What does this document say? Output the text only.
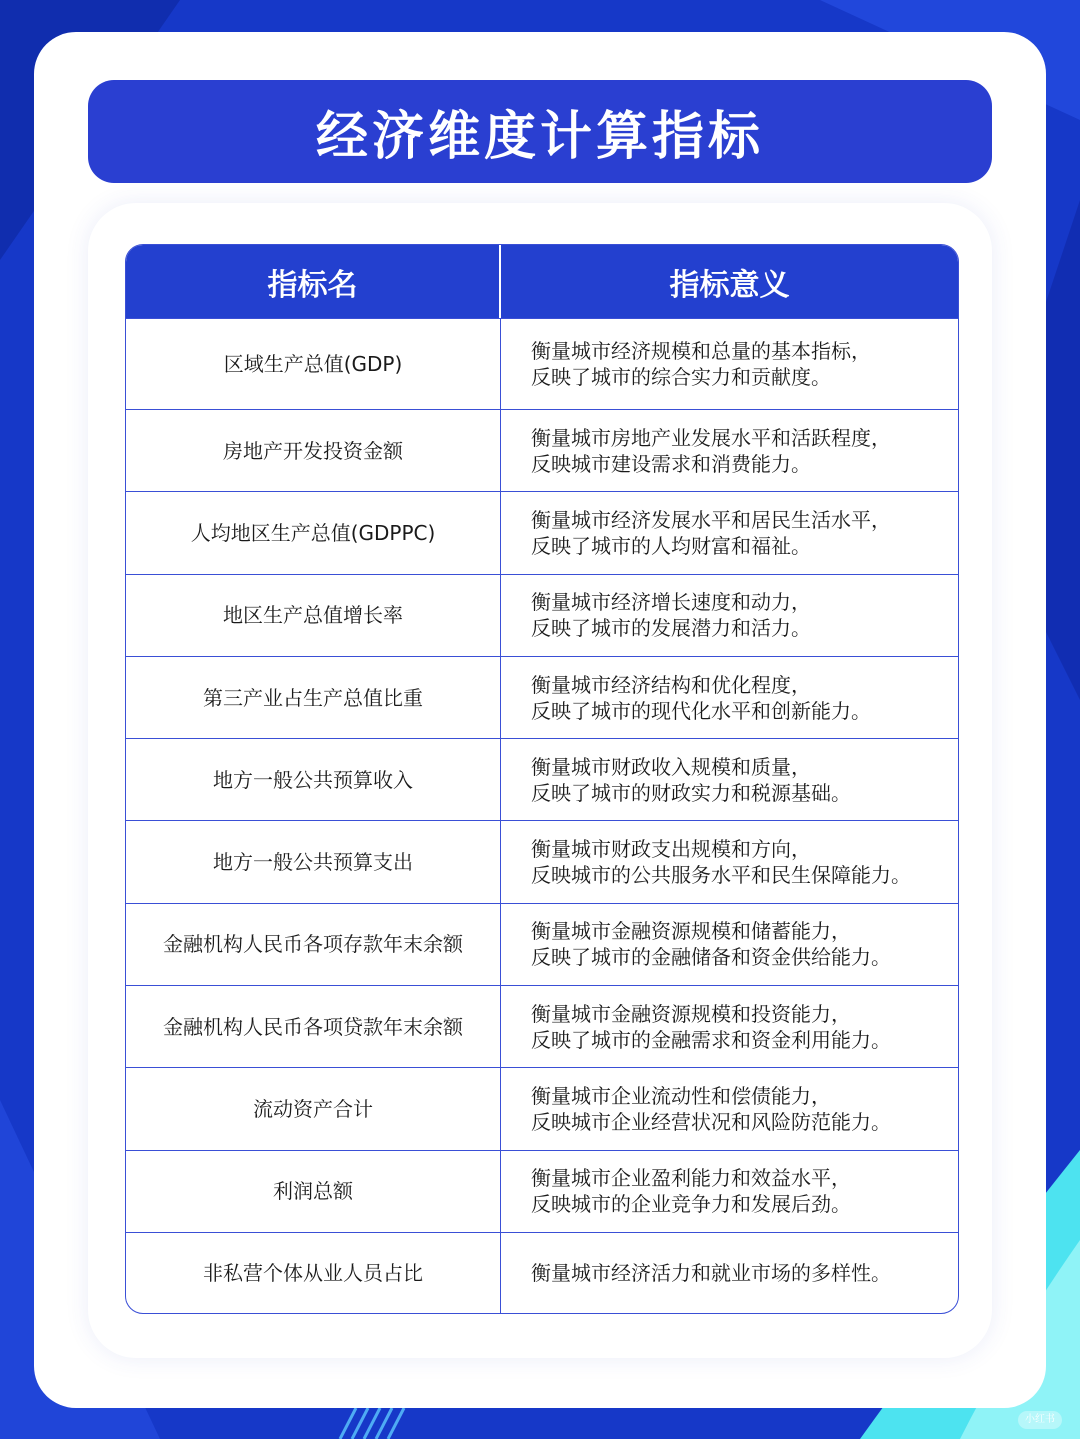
经济维度计算指标
指标名	指标意义
区域生产总值(GDP)
衡量城市经济规模和总量的基本指标，
反映了城市的综合实力和贡献度。
房地产开发投资金额
衡量城市房地产业发展水平和活跃程度，
反映城市建设需求和消费能力。
人均地区生产总值(GDPPC)
衡量城市经济发展水平和居民生活水平，
反映了城市的人均财富和福祉。
地区生产总值增长率
衡量城市经济增长速度和动力，
反映了城市的发展潜力和活力。
第三产业占生产总值比重
衡量城市经济结构和优化程度，
反映了城市的现代化水平和创新能力。
地方一般公共预算收入
衡量城市财政收入规模和质量，
反映了城市的财政实力和税源基础。
地方一般公共预算支出
衡量城市财政支出规模和方向，
反映城市的公共服务水平和民生保障能力。
金融机构人民币各项存款年末余额
衡量城市金融资源规模和储蓄能力，
反映了城市的金融储备和资金供给能力。
金融机构人民币各项贷款年末余额
衡量城市金融资源规模和投资能力，
反映了城市的金融需求和资金利用能力。
流动资产合计
衡量城市企业流动性和偿债能力，
反映城市企业经营状况和风险防范能力。
利润总额
衡量城市企业盈利能力和效益水平，
反映城市的企业竞争力和发展后劲。
非私营个体从业人员占比	衡量城市经济活力和就业市场的多样性。
小红书
